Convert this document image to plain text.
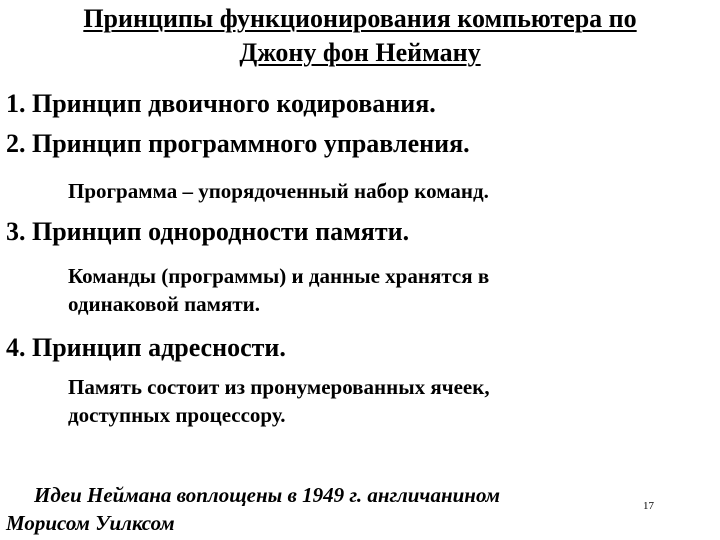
Принципы функционирования компьютера по
Джону фон Нейману
1. Принцип двоичного кодирования.
2. Принцип программного управления.
Программа – упорядоченный набор команд.
3. Принцип однородности памяти.
Команды (программы) и данные хранятся в
одинаковой памяти.
4. Принцип адресности.
Память состоит из пронумерованных ячеек,
доступных процессору.
Идеи Неймана воплощены в 1949 г. англичанином
Морисом Уилксом
17
